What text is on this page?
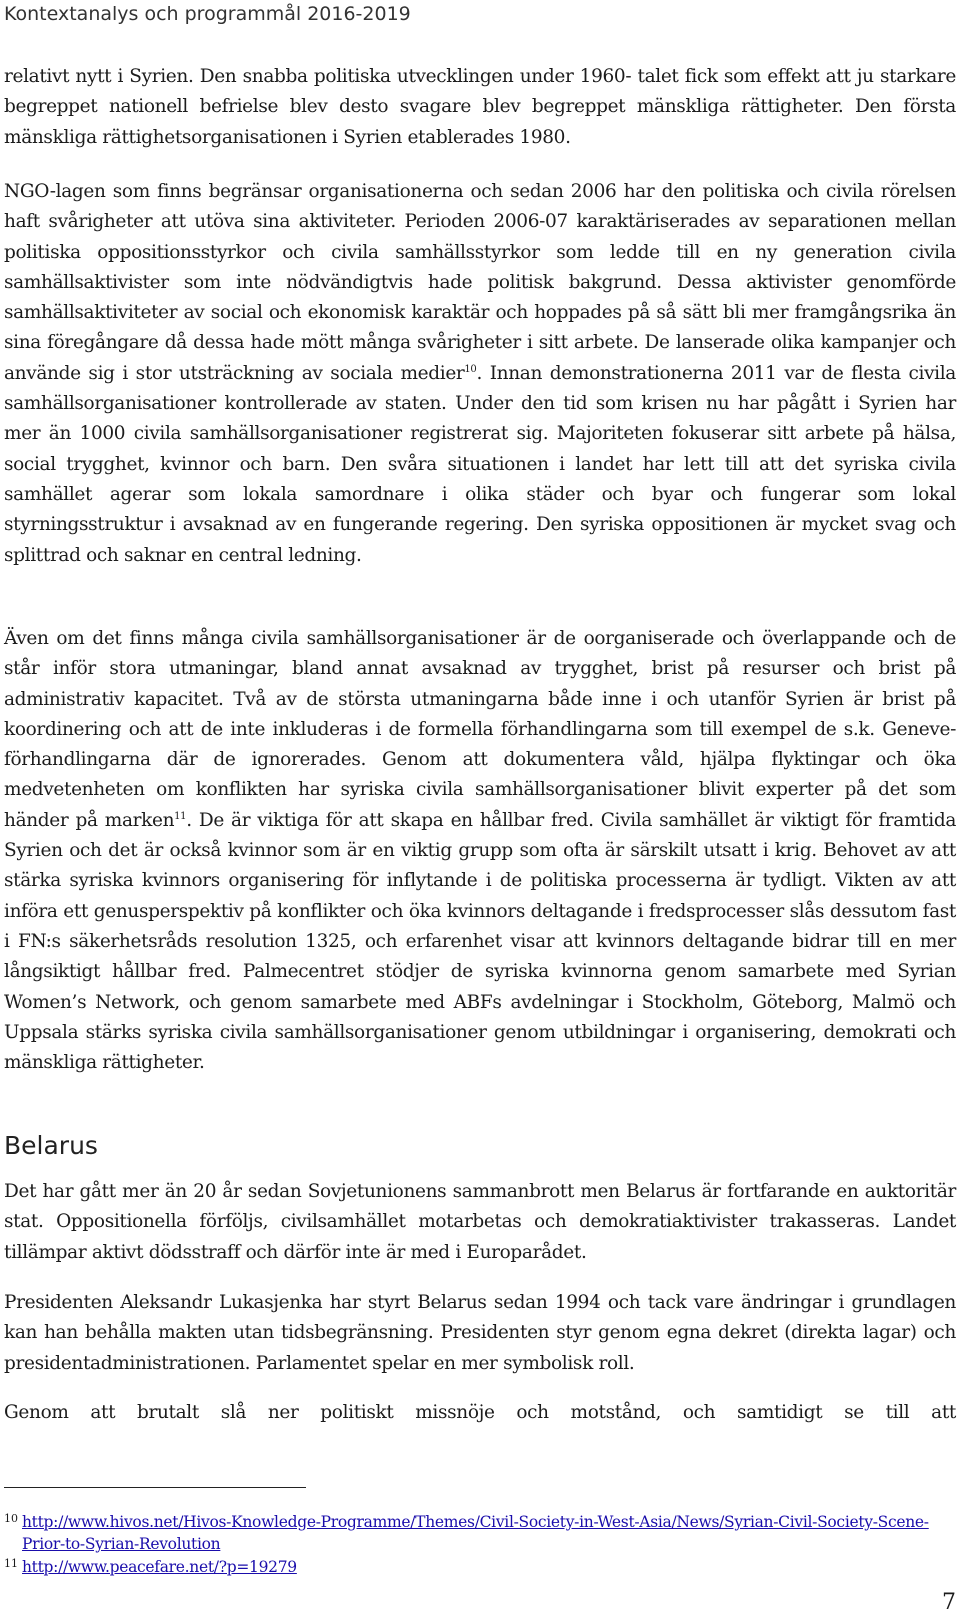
Kontextanalys och programmål 2016-2019

relativt nytt i Syrien. Den snabba politiska utvecklingen under 1960- talet fick som effekt att ju starkare begreppet nationell befrielse blev desto svagare blev begreppet mänskliga rättigheter. Den första mänskliga rättighetsorganisationen i Syrien etablerades 1980.

NGO-lagen som finns begränsar organisationerna och sedan 2006 har den politiska och civila rörelsen haft svårigheter att utöva sina aktiviteter. Perioden 2006-07 karaktäriserades av separationen mellan politiska oppositionsstyrkor och civila samhällsstyrkor som ledde till en ny generation civila samhällsaktivister som inte nödvändigtvis hade politisk bakgrund. Dessa aktivister genomförde samhällsaktiviteter av social och ekonomisk karaktär och hoppades på så sätt bli mer framgångsrika än sina föregångare då dessa hade mött många svårigheter i sitt arbete. De lanserade olika kampanjer och använde sig i stor utsträckning av sociala medier$^{10}$. Innan demonstrationerna 2011 var de flesta civila samhällsorganisationer kontrollerade av staten. Under den tid som krisen nu har pågått i Syrien har mer än 1000 civila samhällsorganisationer registrerat sig. Majoriteten fokuserar sitt arbete på hälsa, social trygghet, kvinnor och barn. Den svåra situationen i landet har lett till att det syriska civila samhället agerar som lokala samordnare i olika städer och byar och fungerar som lokal styrningsstruktur i avsaknad av en fungerande regering. Den syriska oppositionen är mycket svag och splittrad och saknar en central ledning.

Även om det finns många civila samhällsorganisationer är de oorganiserade och överlappande och de står inför stora utmaningar, bland annat avsaknad av trygghet, brist på resurser och brist på administrativ kapacitet. Två av de största utmaningarna både inne i och utanför Syrien är brist på koordinering och att de inte inkluderas i de formella förhandlingarna som till exempel de s.k. Geneve-förhandlingarna där de ignorerades. Genom att dokumentera våld, hjälpa flyktingar och öka medvetenheten om konflikten har syriska civila samhällsorganisationer blivit experter på det som händer på marken$^{11}$. De är viktiga för att skapa en hållbar fred. Civila samhället är viktigt för framtida Syrien och det är också kvinnor som är en viktig grupp som ofta är särskilt utsatt i krig. Behovet av att stärka syriska kvinnors organisering för inflytande i de politiska processerna är tydligt. Vikten av att införa ett genusperspektiv på konflikter och öka kvinnors deltagande i fredsprocesser slås dessutom fast i FN:s säkerhetsråds resolution 1325, och erfarenhet visar att kvinnors deltagande bidrar till en mer långsiktigt hållbar fred. Palmecentret stödjer de syriska kvinnorna genom samarbete med Syrian Women’s Network, och genom samarbete med ABFs avdelningar i Stockholm, Göteborg, Malmö och Uppsala stärks syriska civila samhällsorganisationer genom utbildningar i organisering, demokrati och mänskliga rättigheter.

Belarus

Det har gått mer än 20 år sedan Sovjetunionens sammanbrott men Belarus är fortfarande en auktoritär stat. Oppositionella förföljs, civilsamhället motarbetas och demokratiaktivister trakasseras. Landet tillämpar aktivt dödsstraff och därför inte är med i Europarådet.

Presidenten Aleksandr Lukasjenka har styrt Belarus sedan 1994 och tack vare ändringar i grundlagen kan han behålla makten utan tidsbegränsning. Presidenten styr genom egna dekret (direkta lagar) och presidentadministrationen. Parlamentet spelar en mer symbolisk roll.

Genom att brutalt slå ner politiskt missnöje och motstånd, och samtidigt se till att

10 http://www.hivos.net/Hivos-Knowledge-Programme/Themes/Civil-Society-in-West-Asia/News/Syrian-Civil-Society-Scene-Prior-to-Syrian-Revolution
11 http://www.peacefare.net/?p=19279
7
